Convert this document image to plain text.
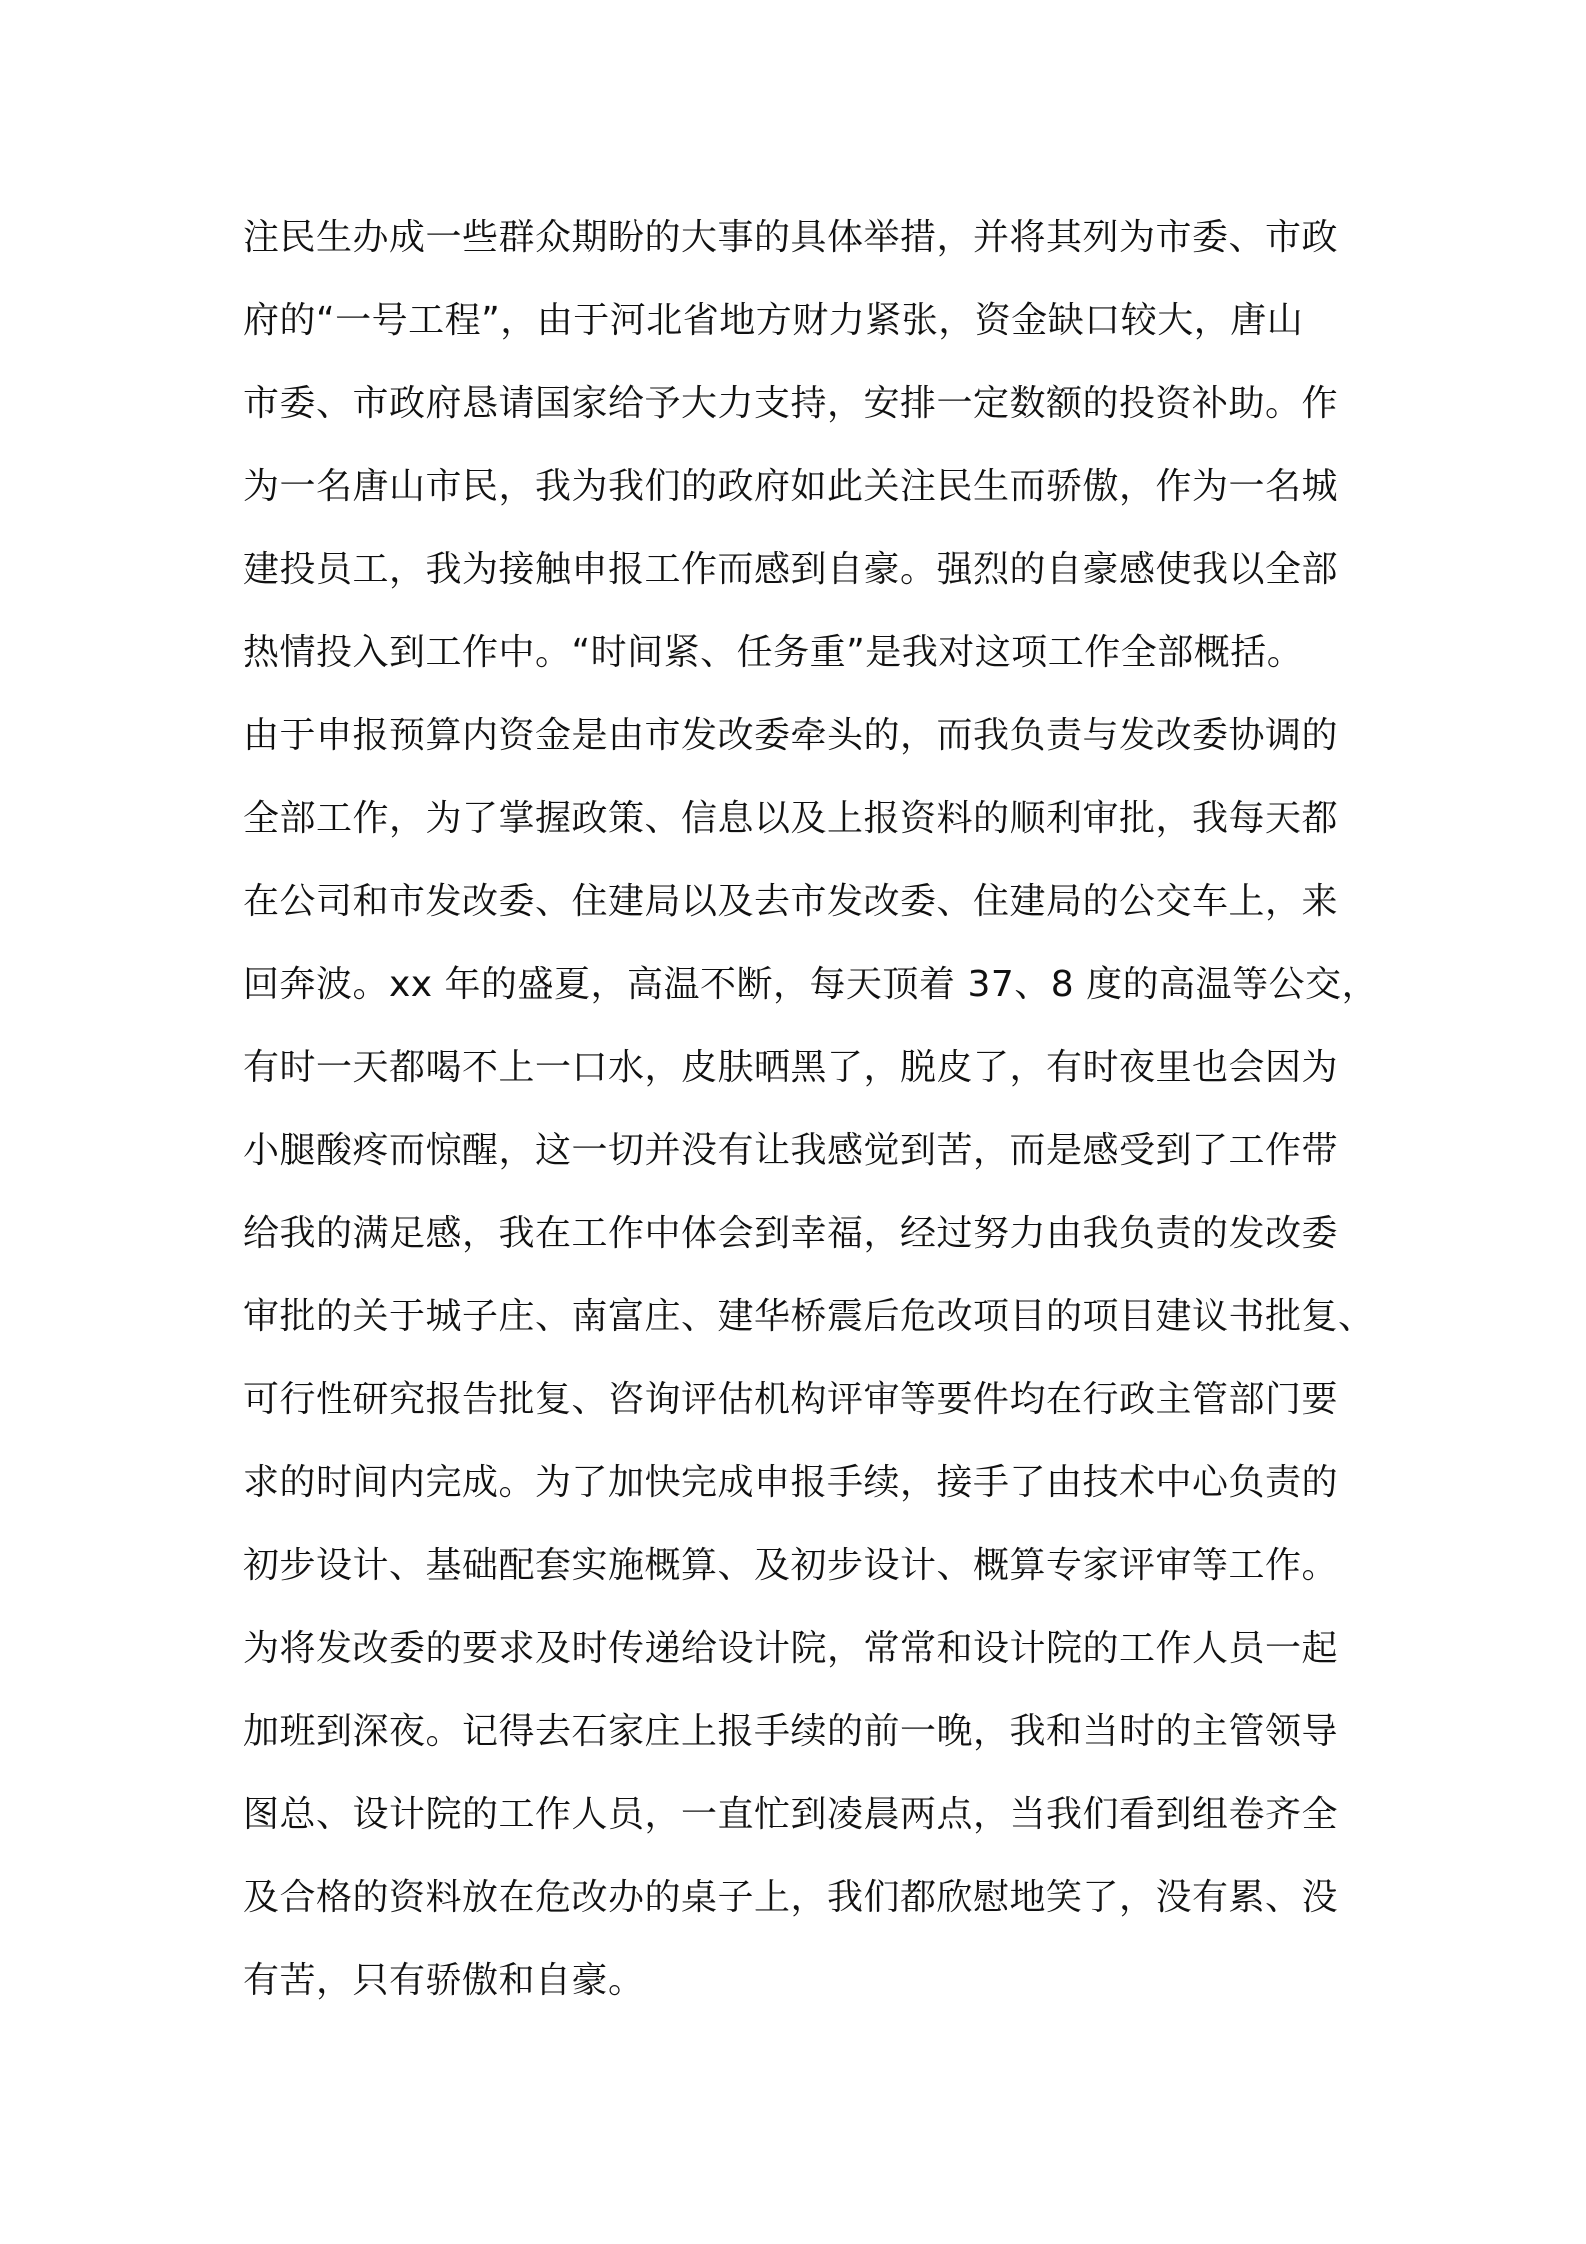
注民生办成一些群众期盼的大事的具体举措，并将其列为市委、市政
府的“一号工程”，由于河北省地方财力紧张，资金缺口较大，唐山
市委、市政府恳请国家给予大力支持，安排一定数额的投资补助。作
为一名唐山市民，我为我们的政府如此关注民生而骄傲，作为一名城
建投员工，我为接触申报工作而感到自豪。强烈的自豪感使我以全部
热情投入到工作中。“时间紧、任务重”是我对这项工作全部概括。
由于申报预算内资金是由市发改委牵头的，而我负责与发改委协调的
全部工作，为了掌握政策、信息以及上报资料的顺利审批，我每天都
在公司和市发改委、住建局以及去市发改委、住建局的公交车上，来
回奔波。xx 年的盛夏，高温不断，每天顶着 37、8 度的高温等公交，
有时一天都喝不上一口水，皮肤晒黑了，脱皮了，有时夜里也会因为
小腿酸疼而惊醒，这一切并没有让我感觉到苦，而是感受到了工作带
给我的满足感，我在工作中体会到幸福，经过努力由我负责的发改委
审批的关于城子庄、南富庄、建华桥震后危改项目的项目建议书批复、
可行性研究报告批复、咨询评估机构评审等要件均在行政主管部门要
求的时间内完成。为了加快完成申报手续，接手了由技术中心负责的
初步设计、基础配套实施概算、及初步设计、概算专家评审等工作。
为将发改委的要求及时传递给设计院，常常和设计院的工作人员一起
加班到深夜。记得去石家庄上报手续的前一晚，我和当时的主管领导
图总、设计院的工作人员，一直忙到凌晨两点，当我们看到组卷齐全
及合格的资料放在危改办的桌子上，我们都欣慰地笑了，没有累、没
有苦，只有骄傲和自豪。
